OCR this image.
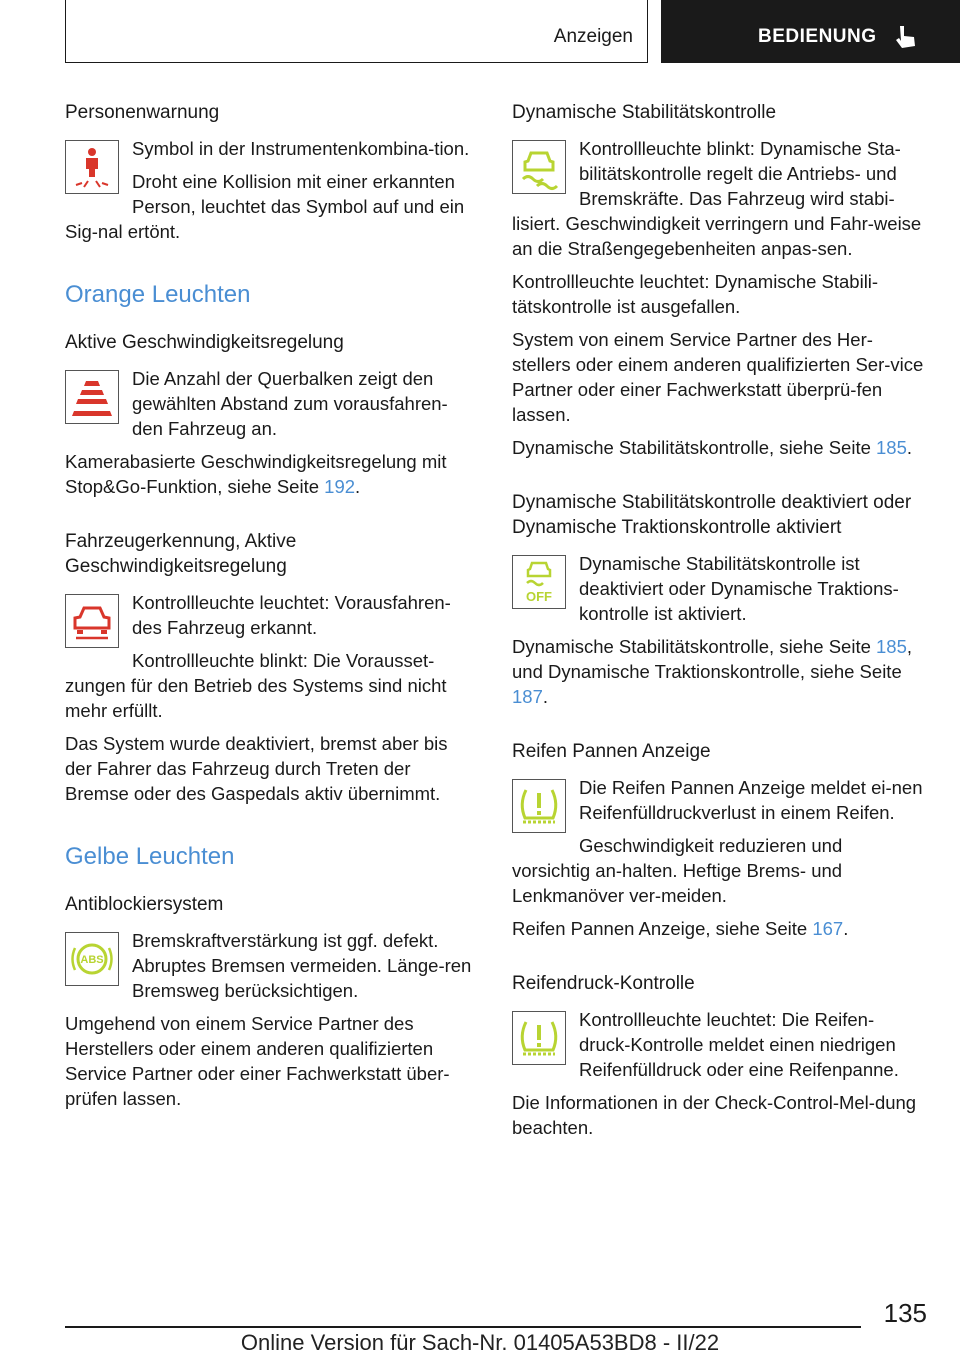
Anzeigen	BEDIENUNG
Personenwarnung

Symbol in der Instrumentenkombina-tion.

Droht eine Kollision mit einer erkannten Person, leuchtet das Symbol auf und ein Sig-nal ertönt.

Orange Leuchten
Aktive Geschwindigkeitsregelung

Die Anzahl der Querbalken zeigt den gewählten Abstand zum vorausfahren-den Fahrzeug an.

Kamerabasierte Geschwindigkeitsregelung mit Stop&Go-Funktion, siehe Seite 192.

Fahrzeugerkennung, Aktive Geschwindigkeitsregelung

Kontrollleuchte leuchtet: Vorausfahren-des Fahrzeug erkannt.

Kontrollleuchte blinkt: Die Vorausset-zungen für den Betrieb des Systems sind nicht mehr erfüllt.

Das System wurde deaktiviert, bremst aber bis der Fahrer das Fahrzeug durch Treten der Bremse oder des Gaspedals aktiv übernimmt.

Gelbe Leuchten
Antiblockiersystem
ABS

Bremskraftverstärkung ist ggf. defekt. Abruptes Bremsen vermeiden. Länge-ren Bremsweg berücksichtigen.

Umgehend von einem Service Partner des Herstellers oder einem anderen qualifizierten Service Partner oder einer Fachwerkstatt über-prüfen lassen.

Dynamische Stabilitätskontrolle

Kontrollleuchte blinkt: Dynamische Sta-bilitätskontrolle regelt die Antriebs- und Bremskräfte. Das Fahrzeug wird stabi-lisiert. Geschwindigkeit verringern und Fahr-weise an die Straßengegebenheiten anpas-sen.

Kontrollleuchte leuchtet: Dynamische Stabili-tätskontrolle ist ausgefallen.

System von einem Service Partner des Her-stellers oder einem anderen qualifizierten Ser-vice Partner oder einer Fachwerkstatt überprü-fen lassen.

Dynamische Stabilitätskontrolle, siehe Seite 185.

Dynamische Stabilitätskontrolle deaktiviert oder Dynamische Traktionskontrolle aktiviert
OFF

Dynamische Stabilitätskontrolle ist deaktiviert oder Dynamische Traktions-kontrolle ist aktiviert.

Dynamische Stabilitätskontrolle, siehe Seite 185, und Dynamische Traktionskontrolle, siehe Seite 187.

Reifen Pannen Anzeige

Die Reifen Pannen Anzeige meldet ei-nen Reifenfülldruckverlust in einem Reifen.

Geschwindigkeit reduzieren und vorsichtig an-halten. Heftige Brems- und Lenkmanöver ver-meiden.

Reifen Pannen Anzeige, siehe Seite 167.

Reifendruck-Kontrolle

Kontrollleuchte leuchtet: Die Reifen-druck-Kontrolle meldet einen niedrigen Reifenfülldruck oder eine Reifenpanne.

Die Informationen in der Check-Control-Mel-dung beachten.

135
Online Version für Sach-Nr. 01405A53BD8 - II/22
